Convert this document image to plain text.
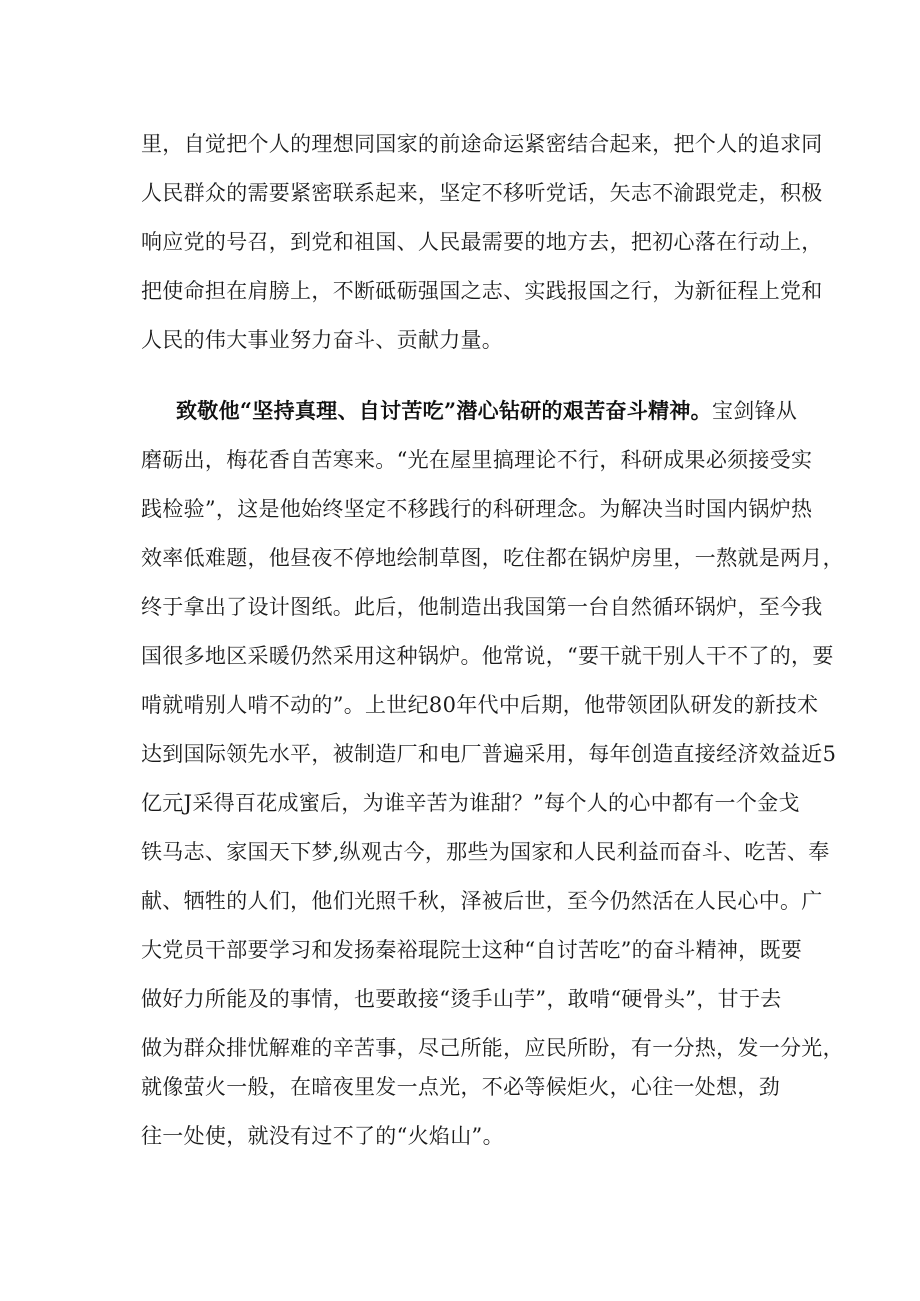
里，自觉把个人的理想同国家的前途命运紧密结合起来，把个人的追求同
人民群众的需要紧密联系起来，坚定不移听党话，矢志不渝跟党走，积极
响应党的号召，到党和祖国、人民最需要的地方去，把初心落在行动上，
把使命担在肩膀上，不断砥砺强国之志、实践报国之行，为新征程上党和
人民的伟大事业努力奋斗、贡献力量。
致敬他“坚持真理、自讨苦吃”潜心钻研的艰苦奋斗精神。宝剑锋从
磨砺出，梅花香自苦寒来。“光在屋里搞理论不行，科研成果必须接受实
践检验”，这是他始终坚定不移践行的科研理念。为解决当时国内锅炉热
效率低难题，他昼夜不停地绘制草图，吃住都在锅炉房里，一熬就是两月，
终于拿出了设计图纸。此后，他制造出我国第一台自然循环锅炉，至今我
国很多地区采暖仍然采用这种锅炉。他常说，“要干就干别人干不了的，要
啃就啃别人啃不动的”。上世纪80年代中后期，他带领团队研发的新技术
达到国际领先水平，被制造厂和电厂普遍采用，每年创造直接经济效益近5
亿元J采得百花成蜜后，为谁辛苦为谁甜？”每个人的心中都有一个金戈
铁马志、家国天下梦,纵观古今，那些为国家和人民利益而奋斗、吃苦、奉
献、牺牲的人们，他们光照千秋，泽被后世，至今仍然活在人民心中。广
大党员干部要学习和发扬秦裕琨院士这种“自讨苦吃”的奋斗精神，既要
做好力所能及的事情，也要敢接“烫手山芋”，敢啃“硬骨头”，甘于去
做为群众排忧解难的辛苦事，尽己所能，应民所盼，有一分热，发一分光，
就像萤火一般，在暗夜里发一点光，不必等候炬火，心往一处想，劲
往一处使，就没有过不了的“火焰山”。
